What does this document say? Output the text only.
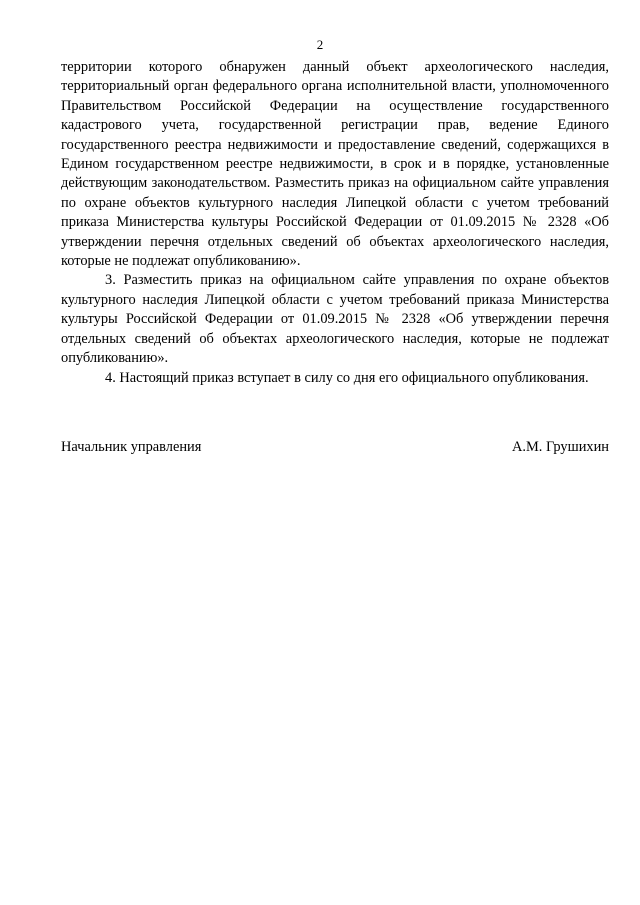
2

территории которого обнаружен данный объект археологического наследия, территориальный орган федерального органа исполнительной власти, уполномоченного Правительством Российской Федерации на осуществление государственного кадастрового учета, государственной регистрации прав, ведение Единого государственного реестра недвижимости и предоставление сведений, содержащихся в Едином государственном реестре недвижимости, в срок и в порядке, установленные действующим законодательством. Разместить приказ на официальном сайте управления по охране объектов культурного наследия Липецкой области с учетом требований приказа Министерства культуры Российской Федерации от 01.09.2015 № 2328 «Об утверждении перечня отдельных сведений об объектах археологического наследия, которые не подлежат опубликованию».

3. Разместить приказ на официальном сайте управления по охране объектов культурного наследия Липецкой области с учетом требований приказа Министерства культуры Российской Федерации от 01.09.2015 № 2328 «Об утверждении перечня отдельных сведений об объектах археологического наследия, которые не подлежат опубликованию».

4. Настоящий приказ вступает в силу со дня его официального опубликования.

Начальник управления	А.М. Грушихин
